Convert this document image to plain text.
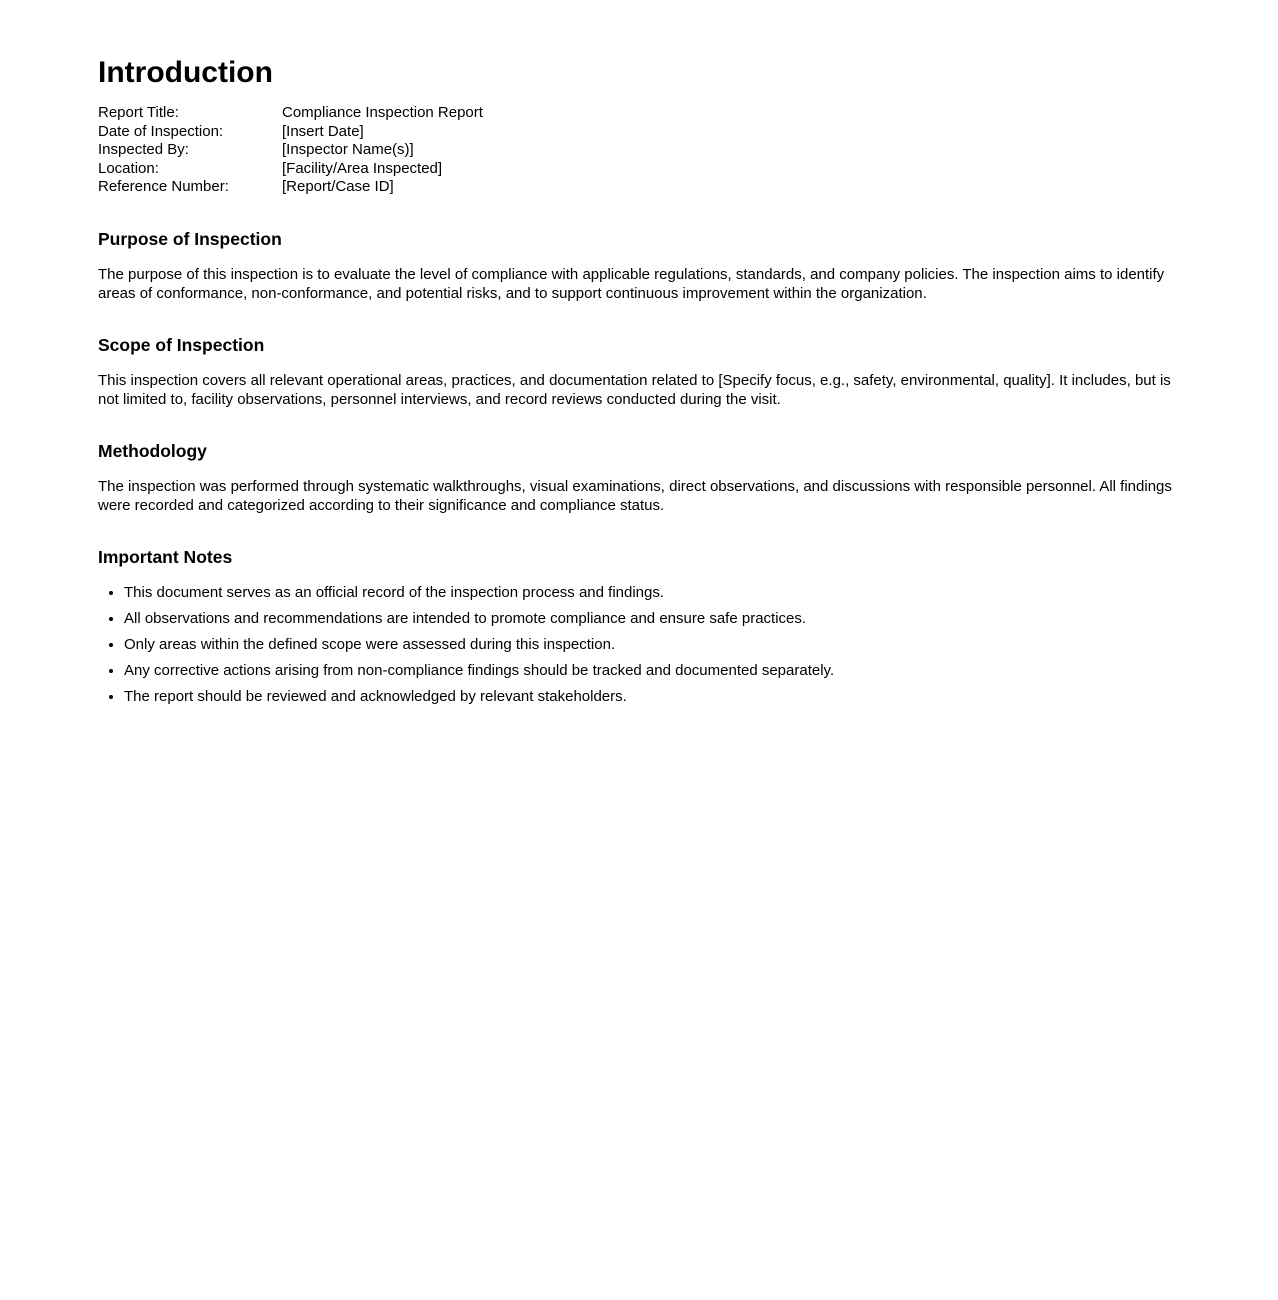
Introduction
Report Title:	Compliance Inspection Report
Date of Inspection:	[Insert Date]
Inspected By:	[Inspector Name(s)]
Location:	[Facility/Area Inspected]
Reference Number:	[Report/Case ID]
Purpose of Inspection

The purpose of this inspection is to evaluate the level of compliance with applicable regulations, standards, and company policies. The inspection aims to identify areas of conformance, non-conformance, and potential risks, and to support continuous improvement within the organization.

Scope of Inspection

This inspection covers all relevant operational areas, practices, and documentation related to [Specify focus, e.g., safety, environmental, quality]. It includes, but is not limited to, facility observations, personnel interviews, and record reviews conducted during the visit.

Methodology

The inspection was performed through systematic walkthroughs, visual examinations, direct observations, and discussions with responsible personnel. All findings were recorded and categorized according to their significance and compliance status.

Important Notes
• This document serves as an official record of the inspection process and findings.
• All observations and recommendations are intended to promote compliance and ensure safe practices.
• Only areas within the defined scope were assessed during this inspection.
• Any corrective actions arising from non-compliance findings should be tracked and documented separately.
• The report should be reviewed and acknowledged by relevant stakeholders.
